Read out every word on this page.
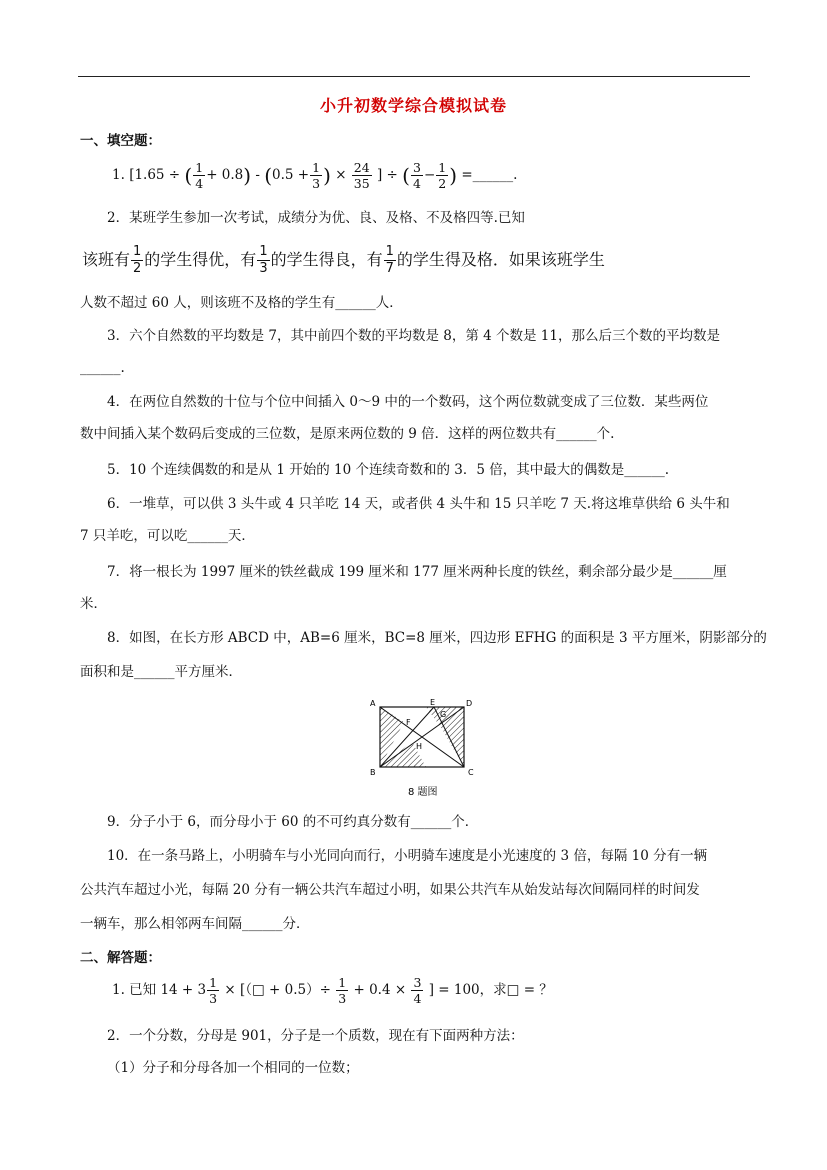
小升初数学综合模拟试卷
一、填空题：
1. [1.65 ÷ ( $\frac{1}{4} + 0.8) - (0.5 + \frac{1}{3}$ ) × $\frac{24}{35}$ ] ÷ ( $\frac{3}{4} - \frac{1}{2}$ ) =______.
2．某班学生参加一次考试，成绩分为优、良、及格、不及格四等.已知
该班有 $\frac{1}{2}$ 的学生得优，有 $\frac{1}{3}$ 的学生得良，有 $\frac{1}{7}$ 的学生得及格．如果该班学生
人数不超过 60 人，则该班不及格的学生有______人．
3．六个自然数的平均数是 7，其中前四个数的平均数是 8，第 4 个数是 11，那么后三个数的平均数是
______.
4．在两位自然数的十位与个位中间插入 0～9 中的一个数码，这个两位数就变成了三位数．某些两位
数中间插入某个数码后变成的三位数，是原来两位数的 9 倍．这样的两位数共有______个.
5．10 个连续偶数的和是从 1 开始的 10 个连续奇数和的 3．5 倍，其中最大的偶数是______.
6．一堆草，可以供 3 头牛或 4 只羊吃 14 天，或者供 4 头牛和 15 只羊吃 7 天.将这堆草供给 6 头牛和
7 只羊吃，可以吃______天．
7．将一根长为 1997 厘米的铁丝截成 199 厘米和 177 厘米两种长度的铁丝，剩余部分最少是______厘
米．
8．如图，在长方形 ABCD 中，AB=6 厘米，BC=8 厘米，四边形 EFHG 的面积是 3 平方厘米，阴影部分的
面积和是______平方厘米．
A
B	C
D
E
F
G
H
8 题图
9．分子小于 6，而分母小于 60 的不可约真分数有______个．
10．在一条马路上，小明骑车与小光同向而行，小明骑车速度是小光速度的 3 倍，每隔 10 分有一辆
公共汽车超过小光，每隔 20 分有一辆公共汽车超过小明，如果公共汽车从始发站每次间隔同样的时间发
一辆车，那么相邻两车间隔______分．
二、解答题：
1. 已知 $14 + 3 \frac{1}{3}$ × [（□ + $0.5)\div \frac{1}{3} + 0.4 \times \frac{3}{4}$ ] = 100，求□ = ？
2．一个分数，分母是 901，分子是一个质数，现在有下面两种方法：
（1）分子和分母各加一个相同的一位数；
